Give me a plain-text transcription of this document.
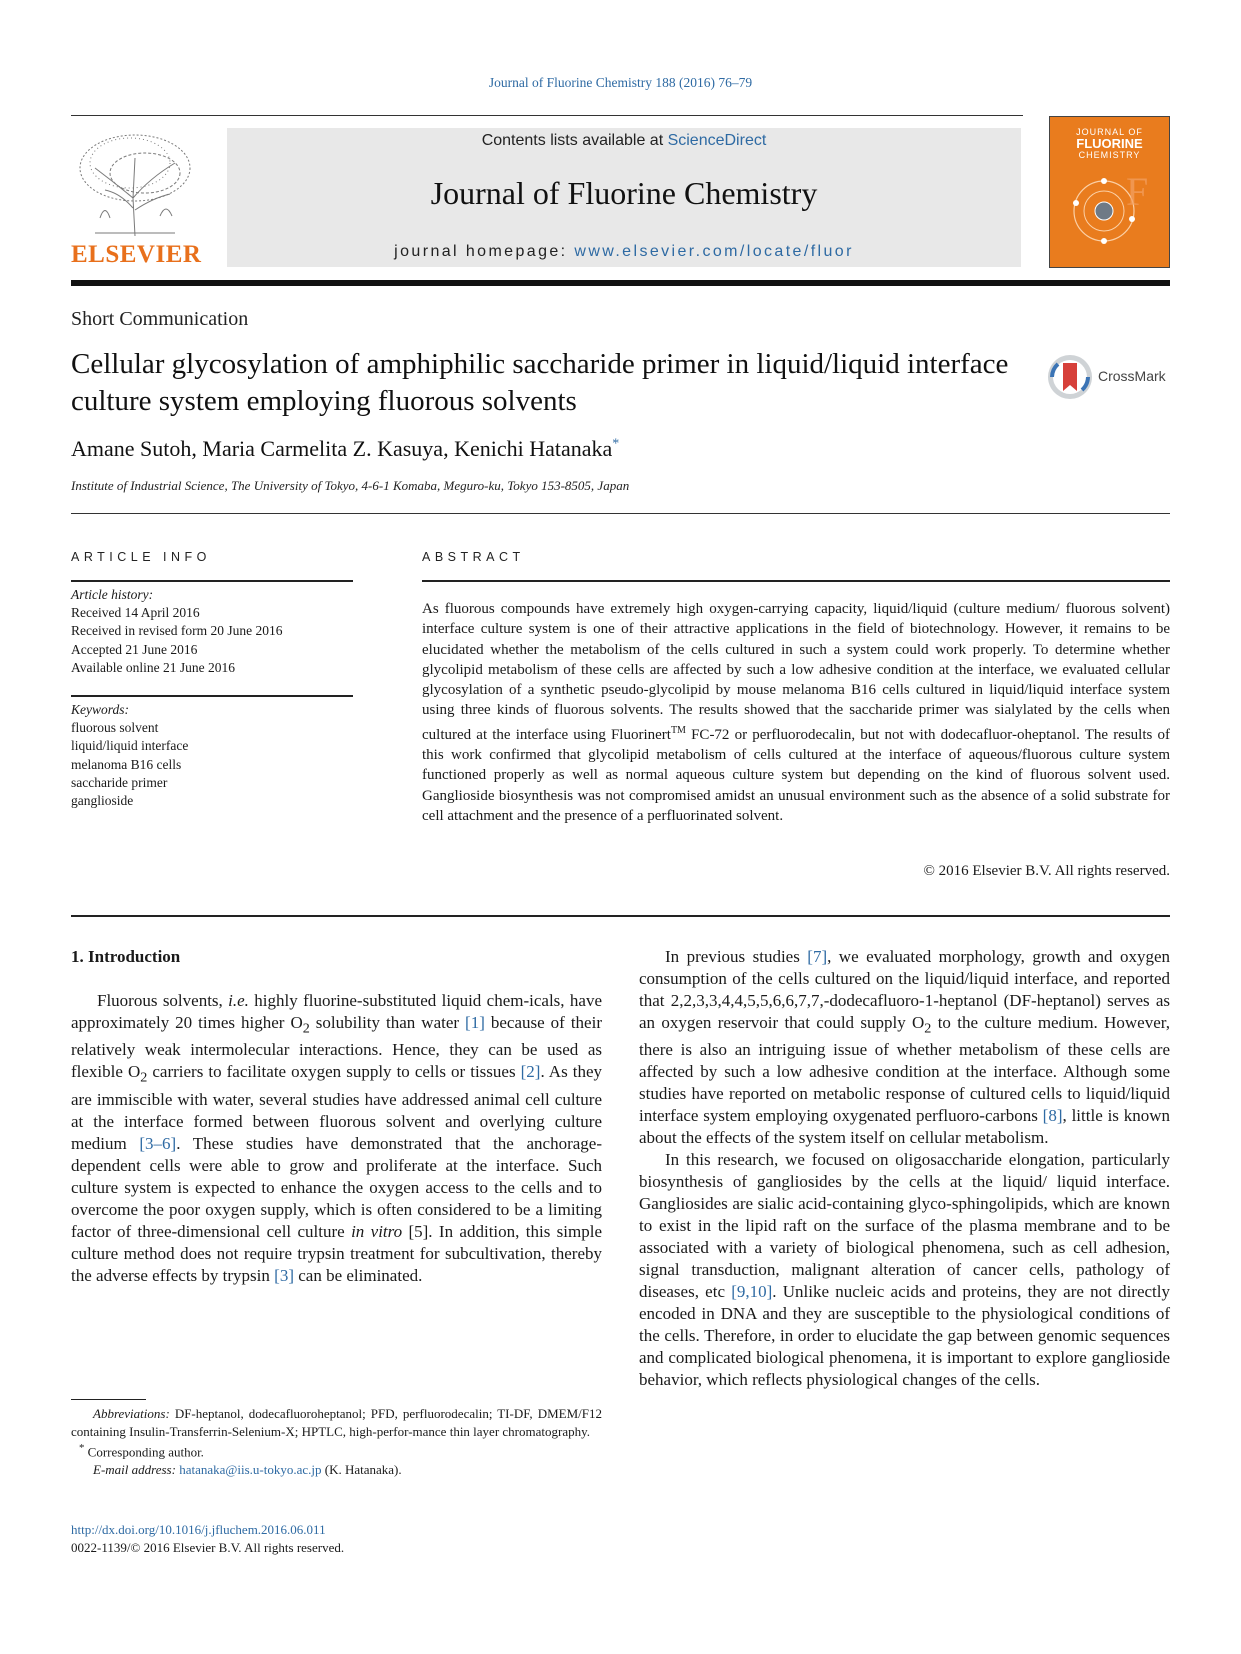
Journal of Fluorine Chemistry 188 (2016) 76–79
ELSEVIER
Contents lists available at ScienceDirect
Journal of Fluorine Chemistry
journal homepage: www.elsevier.com/locate/fluor
JOURNAL OF
FLUORINE
CHEMISTRY
F
Short Communication
Cellular glycosylation of amphiphilic saccharide primer in liquid/liquid interface culture system employing fluorous solvents
CrossMark
Amane Sutoh, Maria Carmelita Z. Kasuya, Kenichi Hatanaka*
Institute of Industrial Science, The University of Tokyo, 4-6-1 Komaba, Meguro-ku, Tokyo 153-8505, Japan
ARTICLE INFO
Article history:
Received 14 April 2016
Received in revised form 20 June 2016
Accepted 21 June 2016
Available online 21 June 2016
Keywords:
fluorous solvent
liquid/liquid interface
melanoma B16 cells
saccharide primer
ganglioside
ABSTRACT
As fluorous compounds have extremely high oxygen-carrying capacity, liquid/liquid (culture medium/ fluorous solvent) interface culture system is one of their attractive applications in the field of biotechnology. However, it remains to be elucidated whether the metabolism of the cells cultured in such a system could work properly. To determine whether glycolipid metabolism of these cells are affected by such a low adhesive condition at the interface, we evaluated cellular glycosylation of a synthetic pseudo-glycolipid by mouse melanoma B16 cells cultured in liquid/liquid interface system using three kinds of fluorous solvents. The results showed that the saccharide primer was sialylated by the cells when cultured at the interface using Fluorinert™ FC-72 or perfluorodecalin, but not with dodecafluor-oheptanol. The results of this work confirmed that glycolipid metabolism of cells cultured at the interface of aqueous/fluorous culture system functioned properly as well as normal aqueous culture system but depending on the kind of fluorous solvent used. Ganglioside biosynthesis was not compromised amidst an unusual environment such as the absence of a solid substrate for cell attachment and the presence of a perfluorinated solvent.
© 2016 Elsevier B.V. All rights reserved.
1. Introduction

Fluorous solvents, i.e. highly fluorine-substituted liquid chem-icals, have approximately 20 times higher $O_2$ solubility than water [1] because of their relatively weak intermolecular interactions. Hence, they can be used as flexible $O_2$ carriers to facilitate oxygen supply to cells or tissues [2]. As they are immiscible with water, several studies have addressed animal cell culture at the interface formed between fluorous solvent and overlying culture medium [3–6]. These studies have demonstrated that the anchorage-dependent cells were able to grow and proliferate at the interface. Such culture system is expected to enhance the oxygen access to the cells and to overcome the poor oxygen supply, which is often considered to be a limiting factor of three-dimensional cell culture in vitro [5]. In addition, this simple culture method does not require trypsin treatment for subcultivation, thereby the adverse effects by trypsin [3] can be eliminated.

In previous studies [7], we evaluated morphology, growth and oxygen consumption of the cells cultured on the liquid/liquid interface, and reported that 2,2,3,3,4,4,5,5,6,6,7,7,-dodecafluoro-1-heptanol (DF-heptanol) serves as an oxygen reservoir that could supply $O_2$ to the culture medium. However, there is also an intriguing issue of whether metabolism of these cells are affected by such a low adhesive condition at the interface. Although some studies have reported on metabolic response of cultured cells to liquid/liquid interface system employing oxygenated perfluoro-carbons [8], little is known about the effects of the system itself on cellular metabolism.

In this research, we focused on oligosaccharide elongation, particularly biosynthesis of gangliosides by the cells at the liquid/ liquid interface. Gangliosides are sialic acid-containing glyco-sphingolipids, which are known to exist in the lipid raft on the surface of the plasma membrane and to be associated with a variety of biological phenomena, such as cell adhesion, signal transduction, malignant alteration of cancer cells, pathology of diseases, etc [9,10]. Unlike nucleic acids and proteins, they are not directly encoded in DNA and they are susceptible to the physiological conditions of the cells. Therefore, in order to elucidate the gap between genomic sequences and complicated biological phenomena, it is important to explore ganglioside behavior, which reflects physiological changes of the cells.

Abbreviations: DF-heptanol, dodecafluoroheptanol; PFD, perfluorodecalin; TI-DF, DMEM/F12 containing Insulin-Transferrin-Selenium-X; HPTLC, high-perfor-mance thin layer chromatography.

* Corresponding author.

E-mail address: hatanaka@iis.u-tokyo.ac.jp (K. Hatanaka).

http://dx.doi.org/10.1016/j.jfluchem.2016.06.011
0022-1139/© 2016 Elsevier B.V. All rights reserved.
